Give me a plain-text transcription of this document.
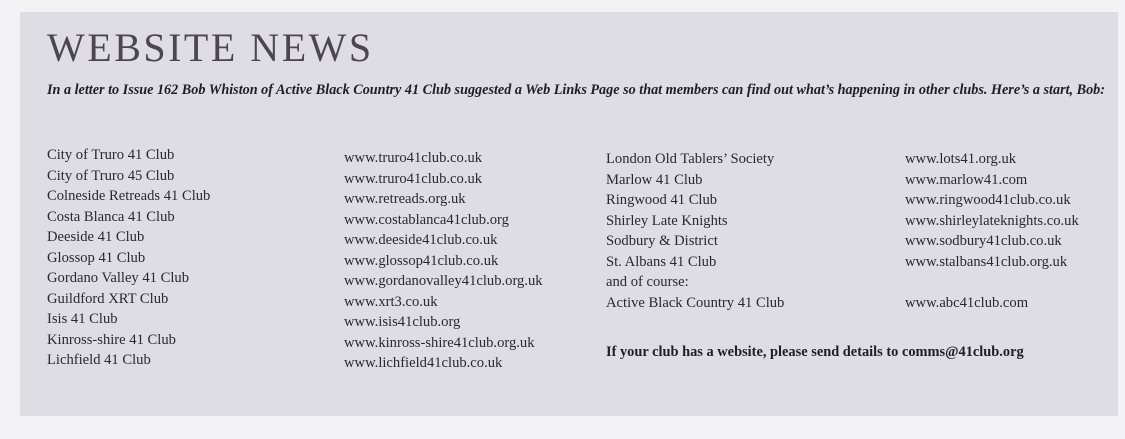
WEBSITE NEWS

In a letter to Issue 162 Bob Whiston of Active Black Country 41 Club suggested a Web Links Page so that members can find out what’s happening in other clubs. Here’s a start, Bob:

City of Truro 41 Club
City of Truro 45 Club
Colneside Retreads 41 Club
Costa Blanca 41 Club
Deeside 41 Club
Glossop 41 Club
Gordano Valley 41 Club
Guildford XRT Club
Isis 41 Club
Kinross-shire 41 Club
Lichfield 41 Club
www.truro41club.co.uk
www.truro41club.co.uk
www.retreads.org.uk
www.costablanca41club.org
www.deeside41club.co.uk
www.glossop41club.co.uk
www.gordanovalley41club.org.uk
www.xrt3.co.uk
www.isis41club.org
www.kinross-shire41club.org.uk
www.lichfield41club.co.uk
London Old Tablers’ Society
Marlow 41 Club
Ringwood 41 Club
Shirley Late Knights
Sodbury & District
St. Albans 41 Club
and of course:
Active Black Country 41 Club
www.lots41.org.uk
www.marlow41.com
www.ringwood41club.co.uk
www.shirleylateknights.co.uk
www.sodbury41club.co.uk
www.stalbans41club.org.uk
www.abc41club.com

If your club has a website, please send details to comms@41club.org
